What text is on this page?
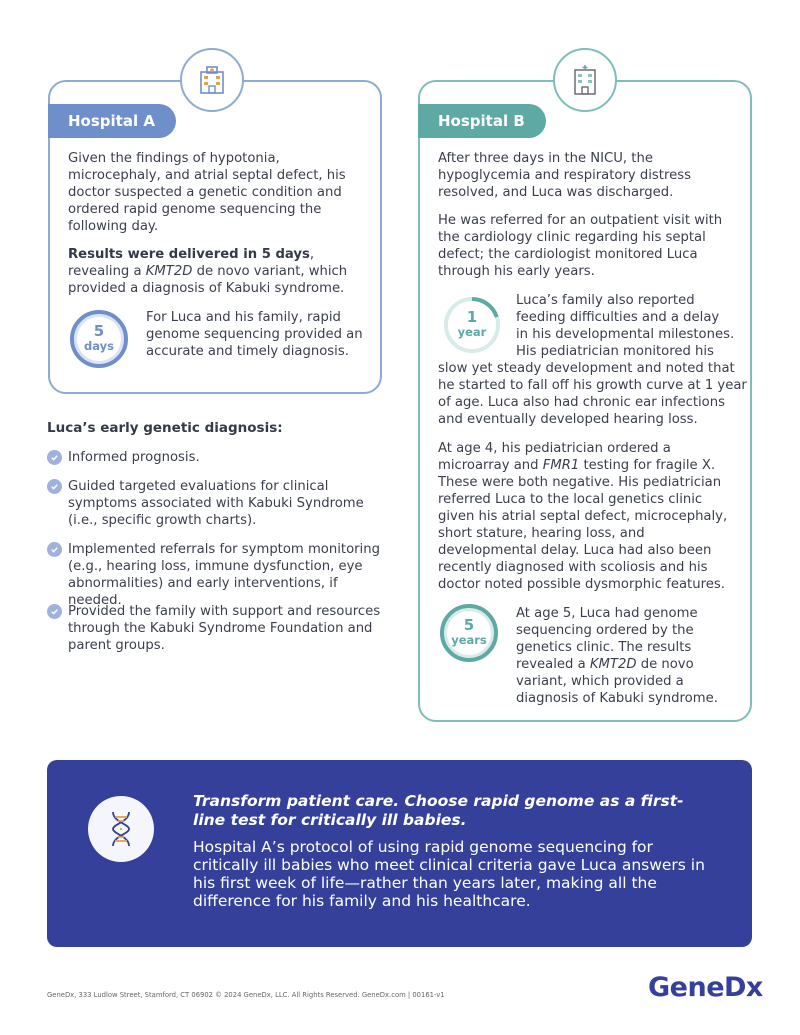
Hospital A

Given the findings of hypotonia, microcephaly, and atrial septal defect, his doctor suspected a genetic condition and ordered rapid genome sequencing the following day.

Results were delivered in 5 days, revealing a KMT2D de novo variant, which provided a diagnosis of Kabuki syndrome.

5
days

For Luca and his family, rapid genome sequencing provided an accurate and timely diagnosis.

Luca’s early genetic diagnosis:
Informed prognosis.
Guided targeted evaluations for clinical symptoms associated with Kabuki Syndrome (i.e., specific growth charts).
Implemented referrals for symptom monitoring (e.g., hearing loss, immune dysfunction, eye abnormalities) and early interventions, if needed.
Provided the family with support and resources through the Kabuki Syndrome Foundation and parent groups.
Hospital B

After three days in the NICU, the hypoglycemia and respiratory distress resolved, and Luca was discharged.

He was referred for an outpatient visit with the cardiology clinic regarding his septal defect; the cardiologist monitored Luca through his early years.

1
year

Luca’s family also reported

feeding difficulties and a delay

in his developmental milestones.

His pediatrician monitored his

slow yet steady development and noted that

he started to fall off his growth curve at 1 year

of age. Luca also had chronic ear infections

and eventually developed hearing loss.

At age 4, his pediatrician ordered a microarray and FMR1 testing for fragile X. These were both negative. His pediatrician referred Luca to the local genetics clinic given his atrial septal defect, microcephaly, short stature, hearing loss, and developmental delay. Luca had also been recently diagnosed with scoliosis and his doctor noted possible dysmorphic features.

5
years

At age 5, Luca had genome sequencing ordered by the genetics clinic. The results revealed a KMT2D de novo variant, which provided a diagnosis of Kabuki syndrome.

Transform patient care. Choose rapid genome as a first-line test for critically ill babies.
Hospital A’s protocol of using rapid genome sequencing for critically ill babies who meet clinical criteria gave Luca answers in his first week of life—rather than years later, making all the difference for his family and his healthcare.
GeneDx, 333 Ludlow Street, Stamford, CT 06902 © 2024 GeneDx, LLC. All Rights Reserved. GeneDx.com | 00161-v1	GeneDx
